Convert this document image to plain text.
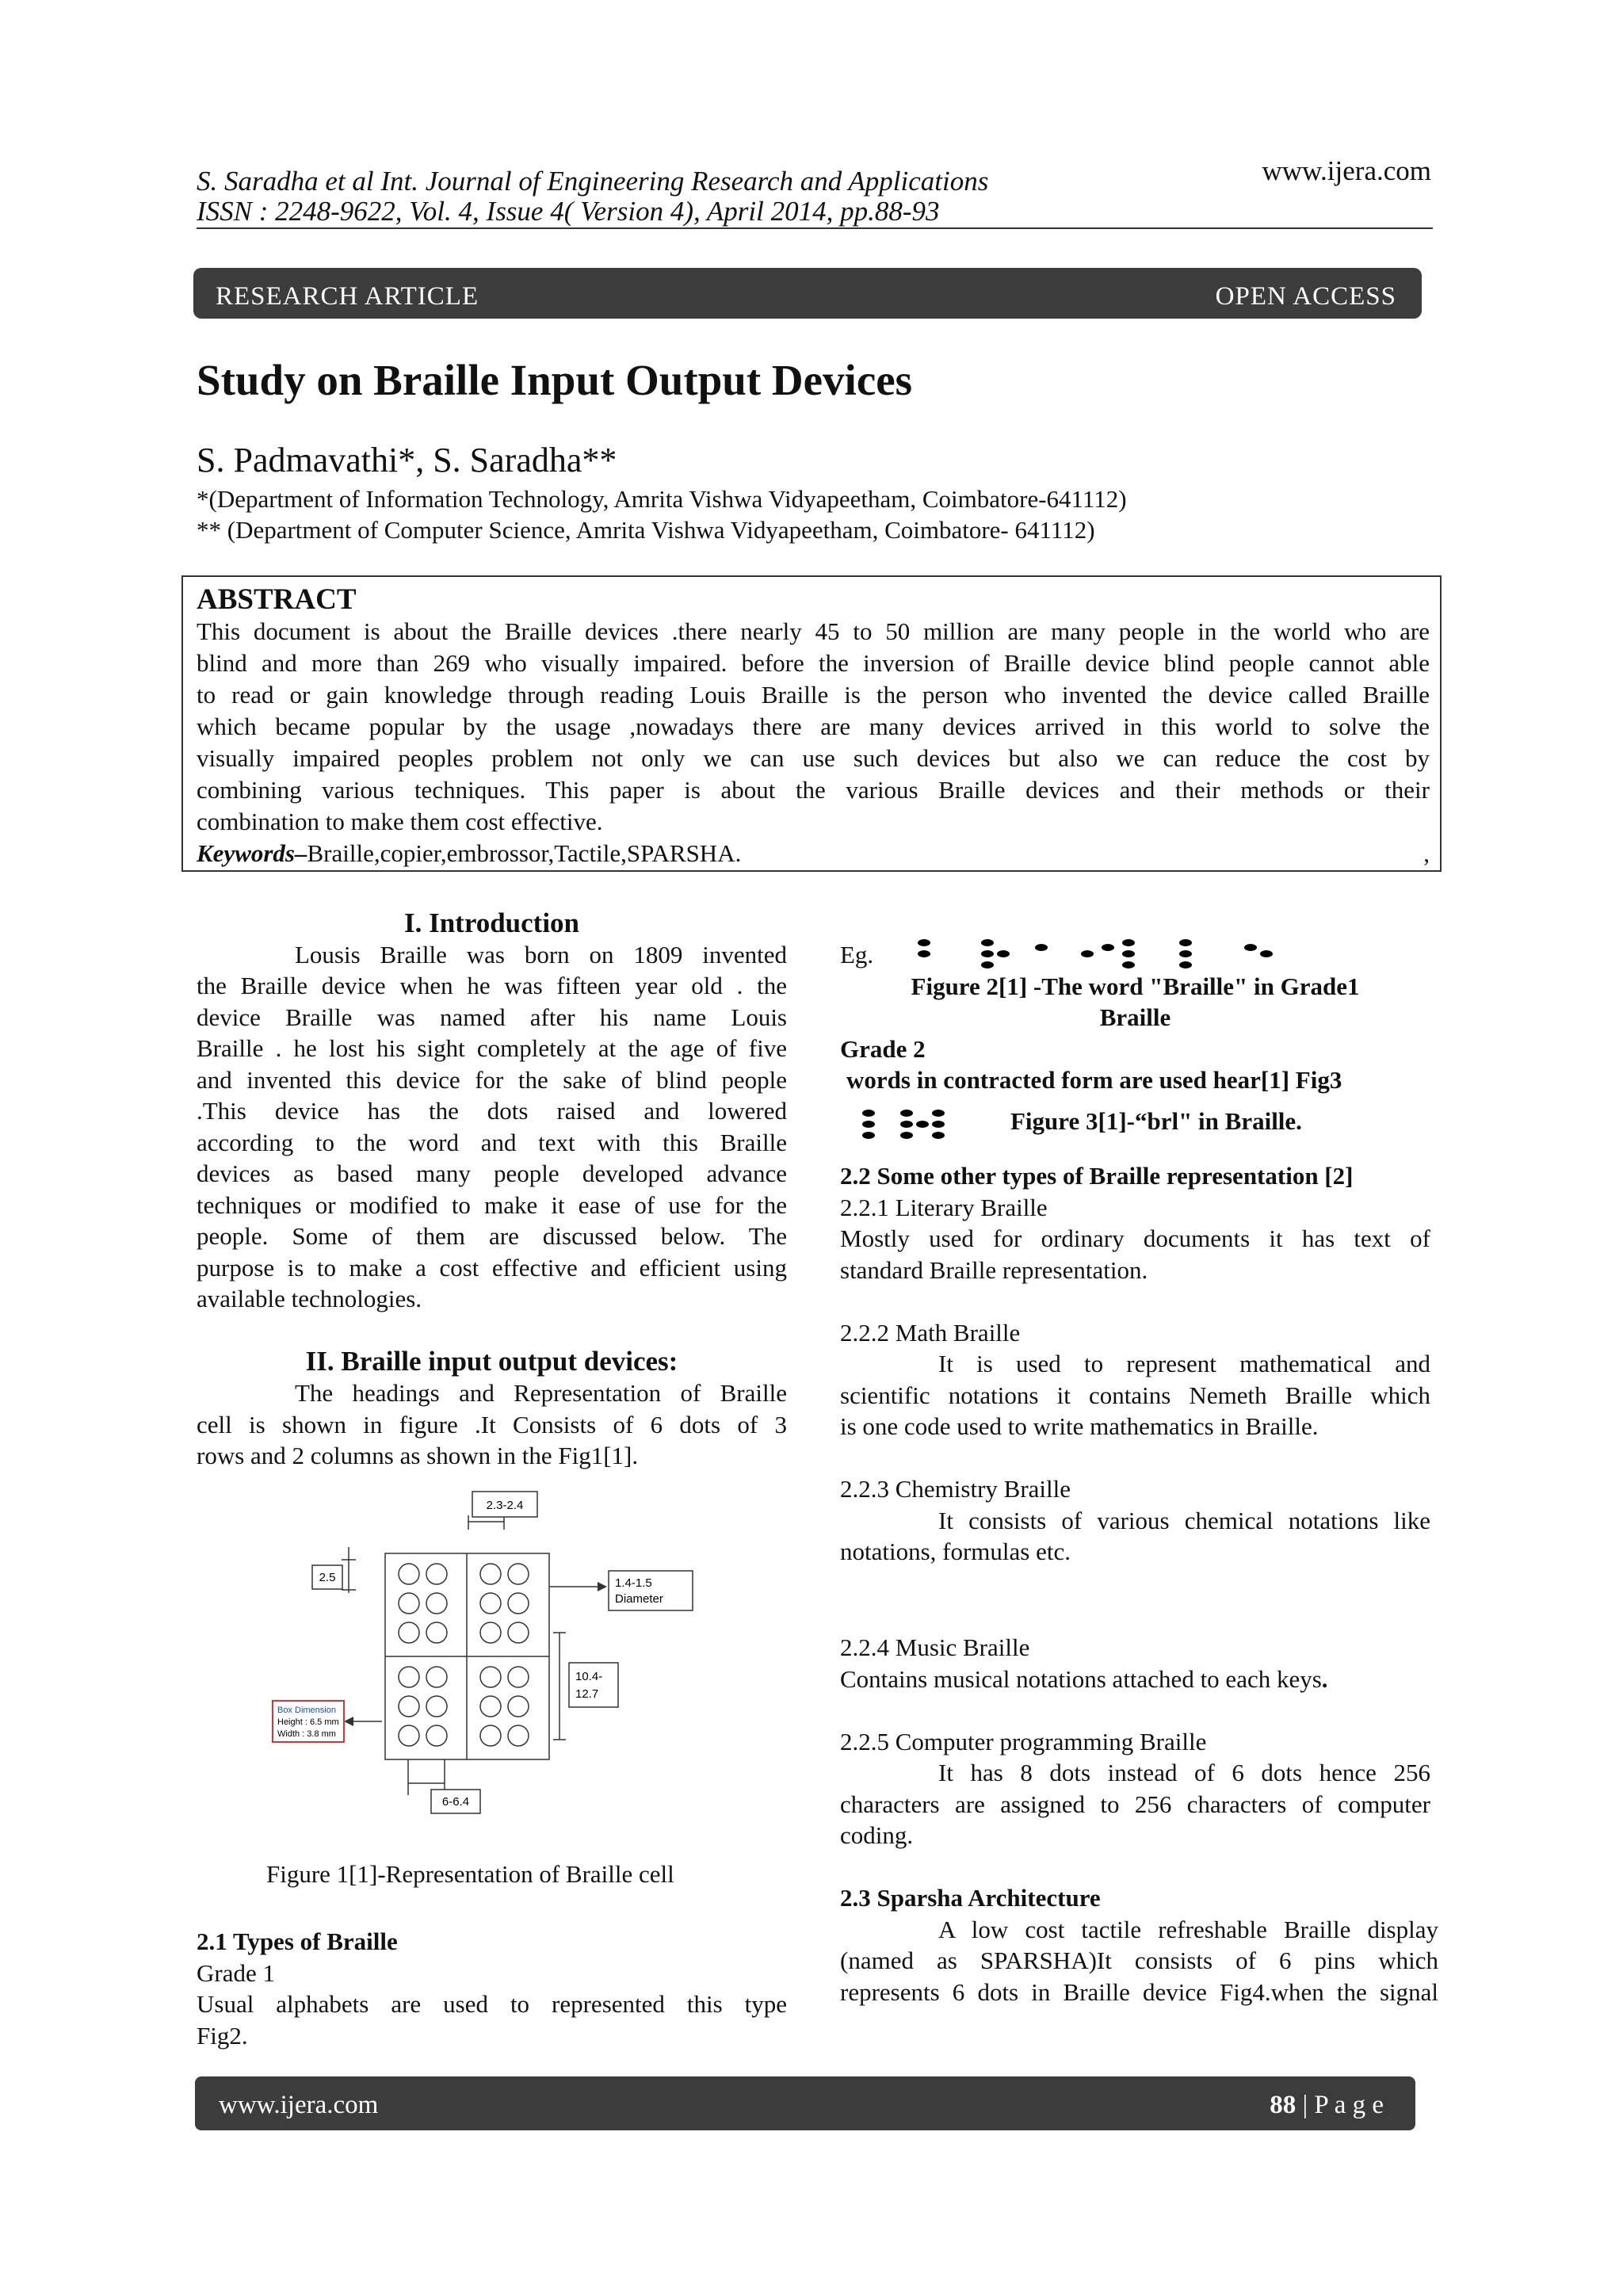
S. Saradha et al Int. Journal of Engineering Research and Applications
ISSN : 2248-9622, Vol. 4, Issue 4( Version 4), April 2014, pp.88-93
www.ijera.com
RESEARCH ARTICLE	OPEN ACCESS
Study on Braille Input Output Devices
S. Padmavathi*, S. Saradha**
*(Department of Information Technology, Amrita Vishwa Vidyapeetham, Coimbatore-641112)
** (Department of Computer Science, Amrita Vishwa Vidyapeetham, Coimbatore- 641112)
ABSTRACT
This document is about the Braille devices .there nearly 45 to 50 million are many people in the world who are
blind and more than 269 who visually impaired. before the inversion of Braille device blind people cannot able
to read or gain knowledge through reading Louis Braille is the person who invented the device called Braille
which became popular by the usage ,nowadays there are many devices arrived in this world to solve the
visually impaired peoples problem not only we can use such devices but also we can reduce the cost by
combining various techniques. This paper is about the various Braille devices and their methods or their
combination to make them cost effective.
Keywords–Braille,copier,embrossor,Tactile,SPARSHA.	,
I. Introduction
Lousis Braille was born on 1809 invented
the Braille device when he was fifteen year old . the
device Braille was named after his name Louis
Braille . he lost his sight completely at the age of five
and invented this device for the sake of blind people
.This device has the dots raised and lowered
according to the word and text with this Braille
devices as based many people developed advance
techniques or modified to make it ease of use for the
people. Some of them are discussed below. The
purpose is to make a cost effective and efficient using
available technologies.
II. Braille input output devices:
The headings and Representation of Braille
cell is shown in figure .It Consists of 6 dots of 3
rows and 2 columns as shown in the Fig1[1].
2.3-2.4
2.5	1.4-1.5
Diameter
10.4-
12.7
Box Dimension
Height : 6.5 mm
Width : 3.8 mm
6-6.4
Figure 1[1]-Representation of Braille cell
2.1 Types of Braille
Grade 1
Usual alphabets are used to represented this type
Fig2.
Eg.
Figure 2[1] -The word "Braille" in Grade1
Braille
Grade 2
words in contracted form are used hear[1] Fig3
Figure 3[1]-“brl" in Braille.
2.2 Some other types of Braille representation [2]
2.2.1 Literary Braille
Mostly used for ordinary documents it has text of
standard Braille representation.
2.2.2 Math Braille
It is used to represent mathematical and
scientific notations it contains Nemeth Braille which
is one code used to write mathematics in Braille.
2.2.3 Chemistry Braille
It consists of various chemical notations like
notations, formulas etc.
2.2.4 Music Braille
Contains musical notations attached to each keys.
2.2.5 Computer programming Braille
It has 8 dots instead of 6 dots hence 256
characters are assigned to 256 characters of computer
coding.
2.3 Sparsha Architecture
A low cost tactile refreshable Braille display
(named as SPARSHA)It consists of 6 pins which
represents 6 dots in Braille device Fig4.when the signal
www.ijera.com	88 | P a g e
